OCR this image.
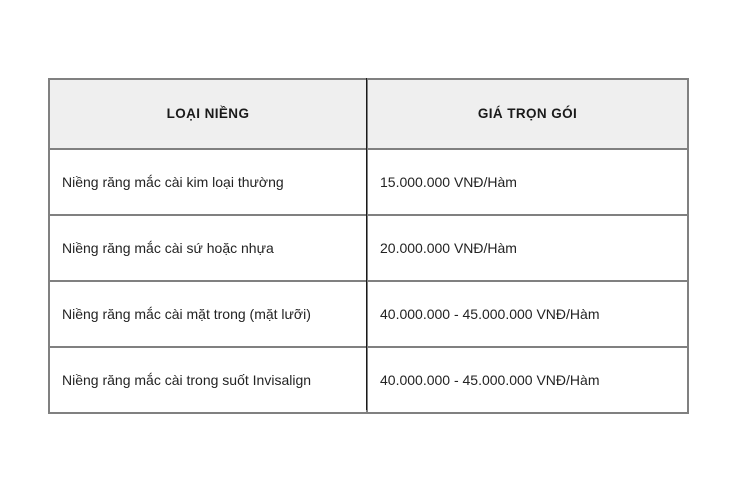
LOẠI NIỀNG	GIÁ TRỌN GÓI
Niềng răng mắc cài kim loại thường	15.000.000 VNĐ/Hàm
Niềng răng mắc cài sứ hoặc nhựa	20.000.000 VNĐ/Hàm
Niềng răng mắc cài mặt trong (mặt lưỡi)	40.000.000 - 45.000.000 VNĐ/Hàm
Niềng răng mắc cài trong suốt Invisalign	40.000.000 - 45.000.000 VNĐ/Hàm
